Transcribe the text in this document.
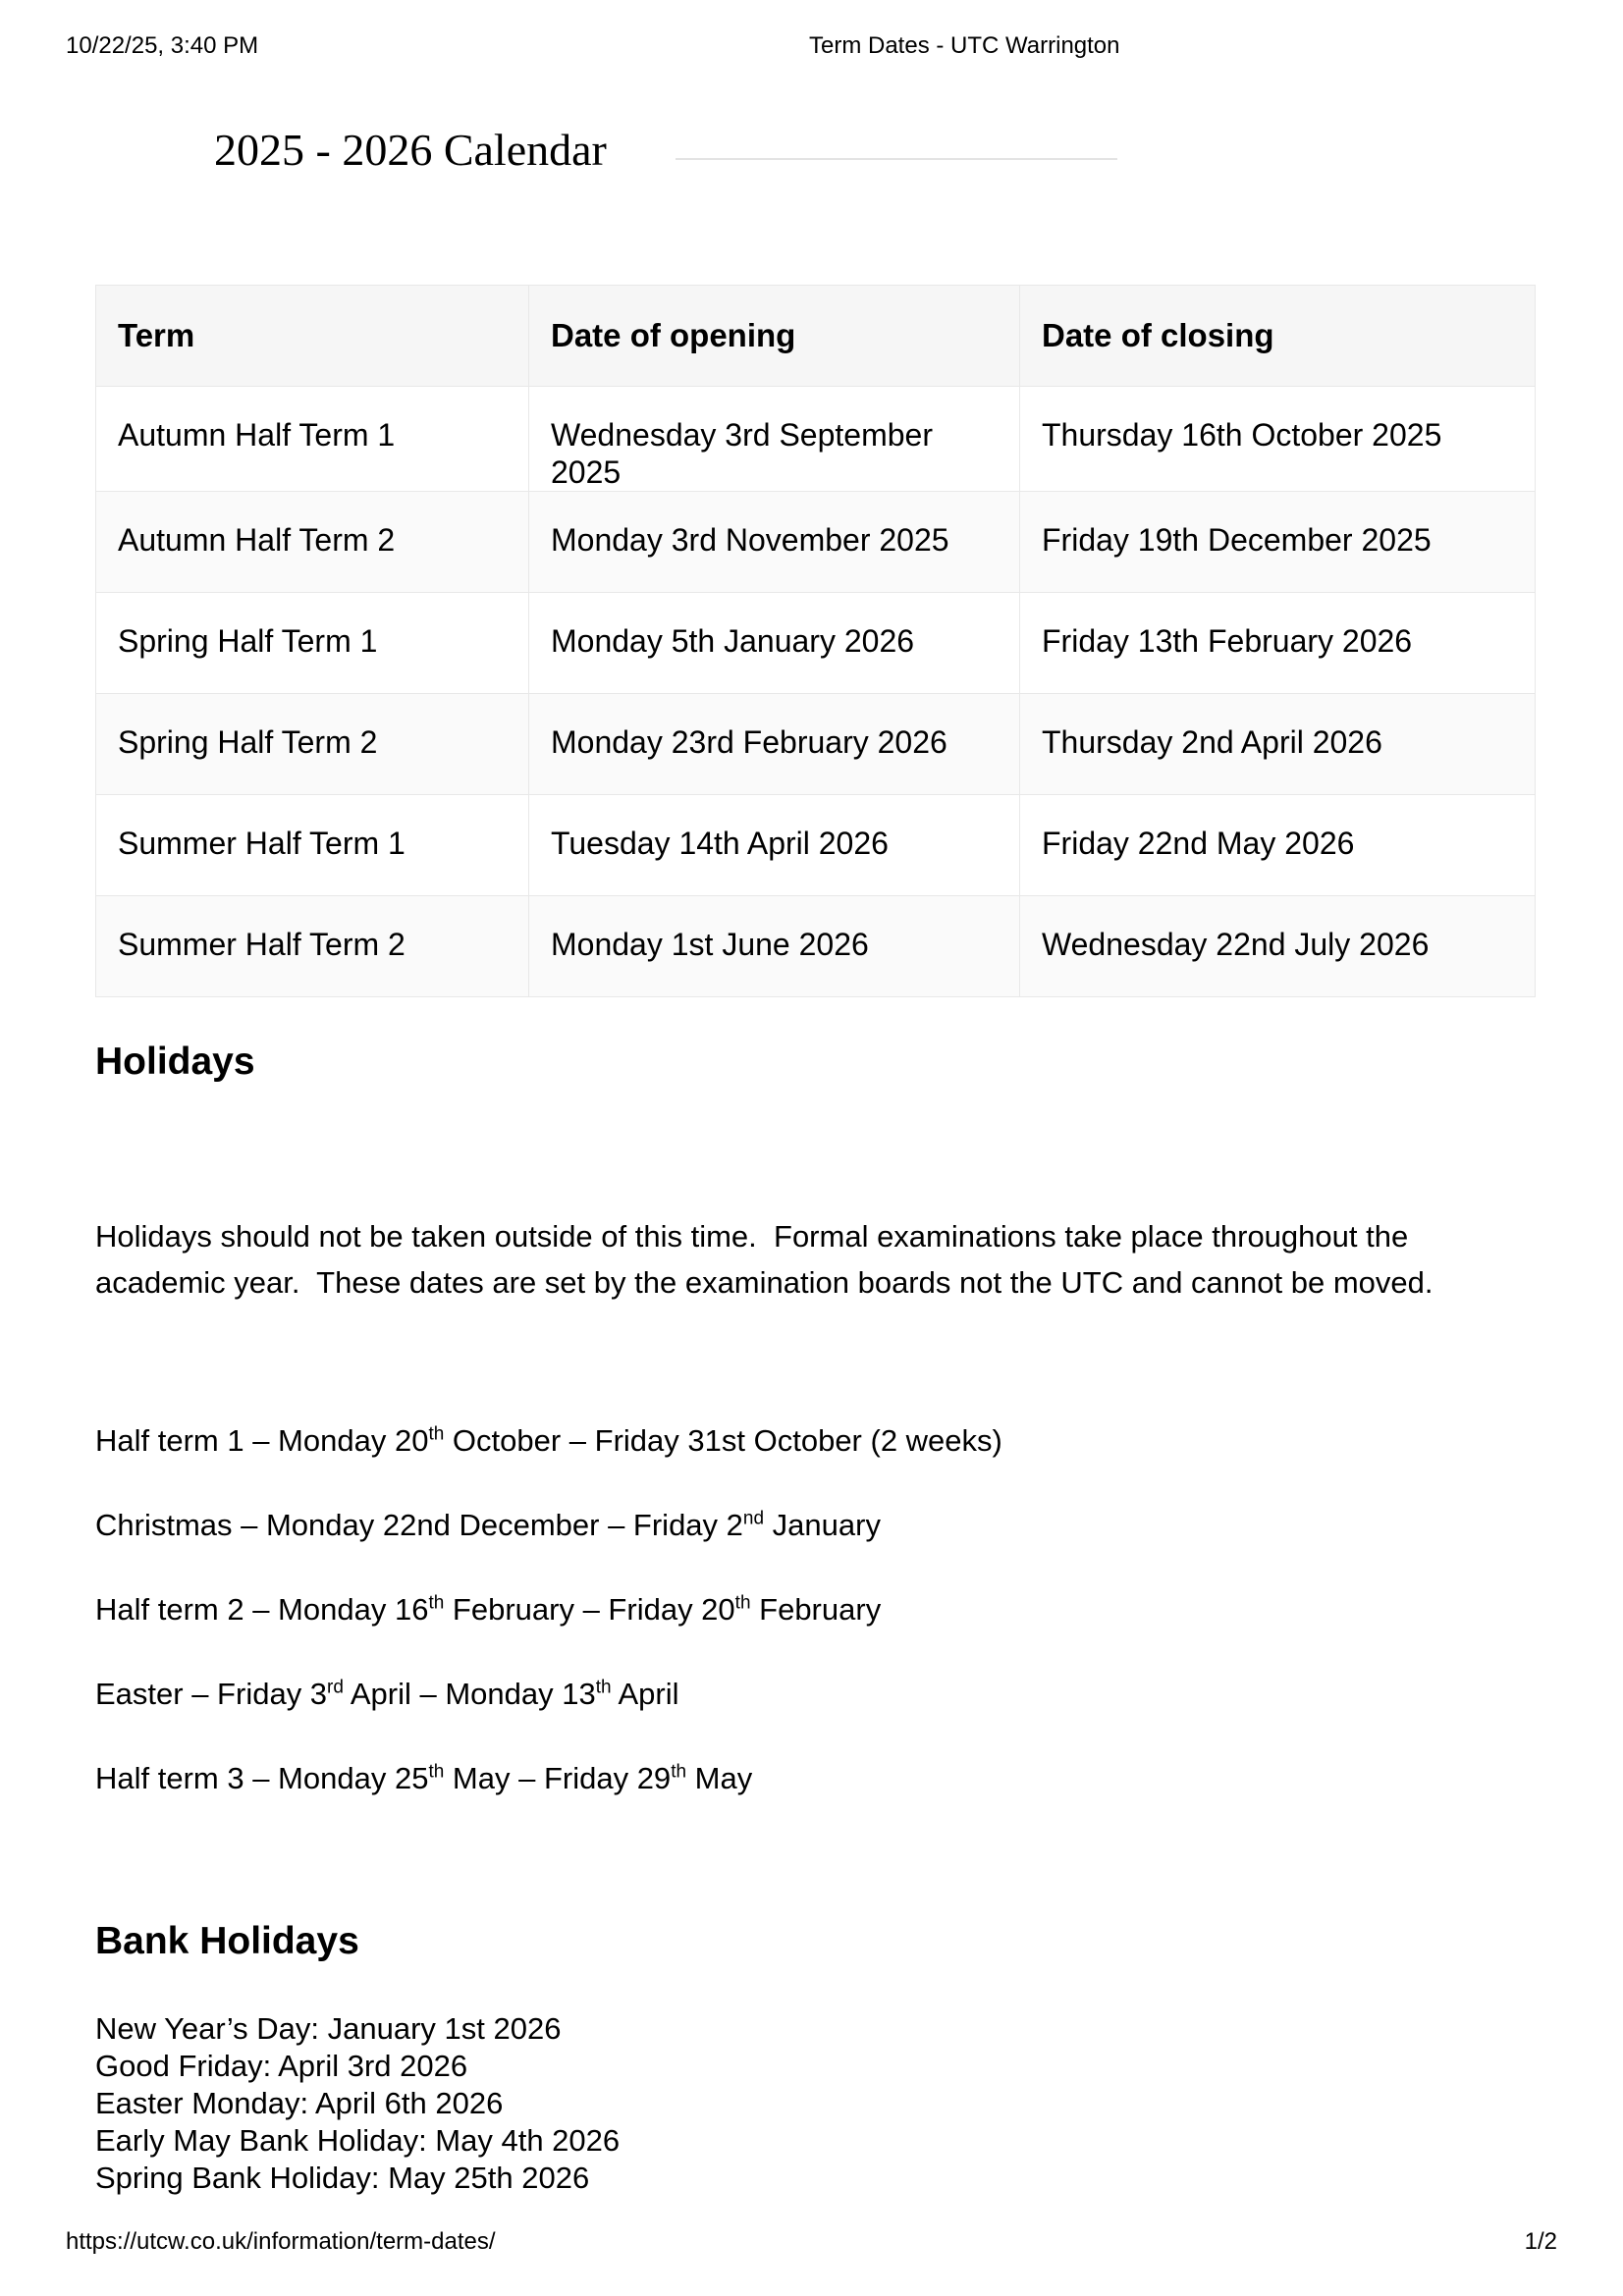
10/22/25, 3:40 PM	Term Dates - UTC Warrington
2025 - 2026 Calendar
Term	Date of opening	Date of closing
Autumn Half Term 1	Wednesday 3rd September 2025	Thursday 16th October 2025
Autumn Half Term 2	Monday 3rd November 2025	Friday 19th December 2025
Spring Half Term 1	Monday 5th January 2026	Friday 13th February 2026
Spring Half Term 2	Monday 23rd February 2026	Thursday 2nd April 2026
Summer Half Term 1	Tuesday 14th April 2026	Friday 22nd May 2026
Summer Half Term 2	Monday 1st June 2026	Wednesday 22nd July 2026
Holidays

Holidays should not be taken outside of this time.  Formal examinations take place throughout the academic year.  These dates are set by the examination boards not the UTC and cannot be moved.

Half term 1 – Monday 20th October – Friday 31st October (2 weeks)

Christmas – Monday 22nd December – Friday 2nd January

Half term 2 – Monday 16th February – Friday 20th February

Easter – Friday 3rd April – Monday 13th April

Half term 3 – Monday 25th May – Friday 29th May

Bank Holidays
New Year’s Day: January 1st 2026
Good Friday: April 3rd 2026
Easter Monday: April 6th 2026
Early May Bank Holiday: May 4th 2026
Spring Bank Holiday: May 25th 2026
https://utcw.co.uk/information/term-dates/	1/2
